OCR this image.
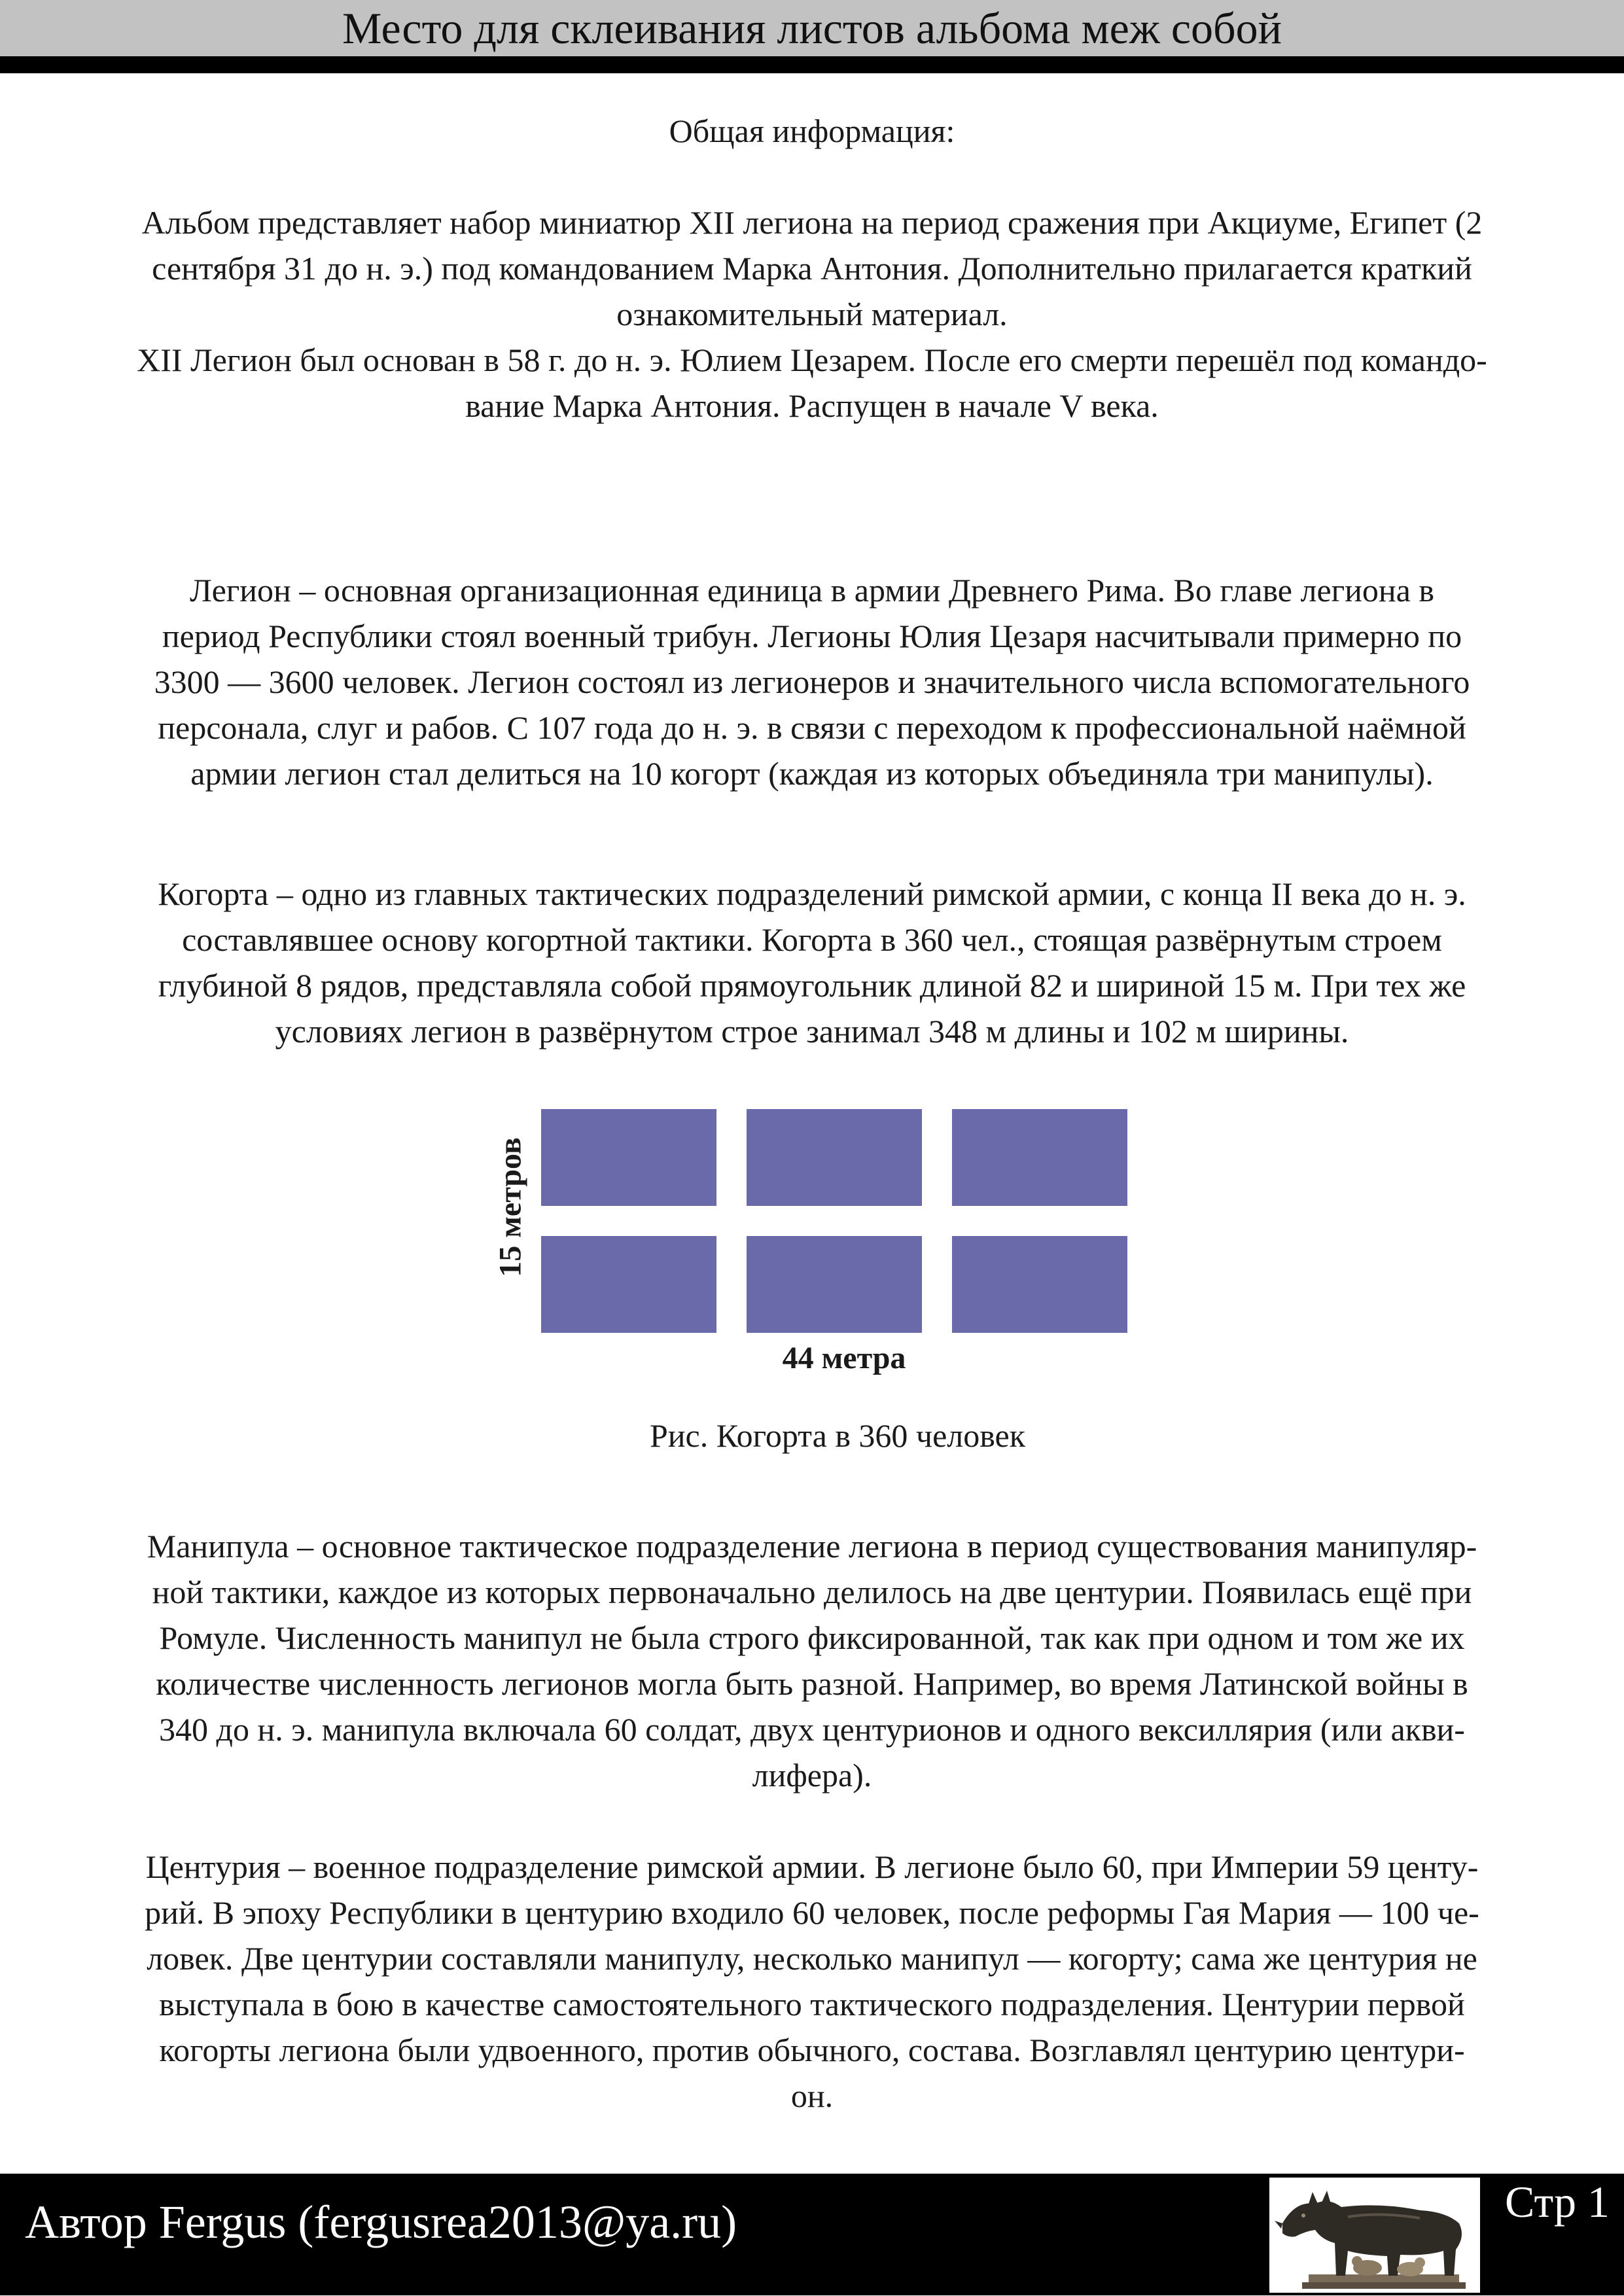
Место для склеивания листов альбома меж собой

Общая информация:

Альбом представляет набор миниатюр XII легиона на период сражения при Акциуме, Египет (2

сентября 31 до н. э.) под командованием Марка Антония. Дополнительно прилагается краткий

ознакомительный материал.

XII Легион был основан в 58 г. до н. э. Юлием Цезарем. После его смерти перешёл под командо-

вание Марка Антония. Распущен в начале V века.

Легион – основная организационная единица в армии Древнего Рима. Во главе легиона в

период Республики стоял военный трибун. Легионы Юлия Цезаря насчитывали примерно по

3300 — 3600 человек. Легион состоял из легионеров и значительного числа вспомогательного

персонала, слуг и рабов. С 107 года до н. э. в связи с переходом к профессиональной наёмной

армии легион стал делиться на 10 когорт (каждая из которых объединяла три манипулы).

Когорта – одно из главных тактических подразделений римской армии, с конца II века до н. э.

составлявшее основу когортной тактики. Когорта в 360 чел., стоящая развёрнутым строем

глубиной 8 рядов, представляла собой прямоугольник длиной 82 и шириной 15 м. При тех же

условиях легион в развёрнутом строе занимал 348 м длины и 102 м ширины.

15 метров
44 метра
Рис. Когорта в 360 человек

Манипула – основное тактическое подразделение легиона в период существования манипуляр-

ной тактики, каждое из которых первоначально делилось на две центурии. Появилась ещё при

Ромуле. Численность манипул не была строго фиксированной, так как при одном и том же их

количестве численность легионов могла быть разной. Например, во время Латинской войны в

340 до н. э. манипула включала 60 солдат, двух центурионов и одного вексиллярия (или акви-

лифера).

Центурия – военное подразделение римской армии. В легионе было 60, при Империи 59 центу-

рий. В эпоху Республики в центурию входило 60 человек, после реформы Гая Мария — 100 че-

ловек. Две центурии составляли манипулу, несколько манипул — когорту; сама же центурия не

выступала в бою в качестве самостоятельного тактического подразделения. Центурии первой

когорты легиона были удвоенного, против обычного, состава. Возглавлял центурию центури-

он.

Автор Fergus (fergusrea2013@ya.ru)	Стр 1
